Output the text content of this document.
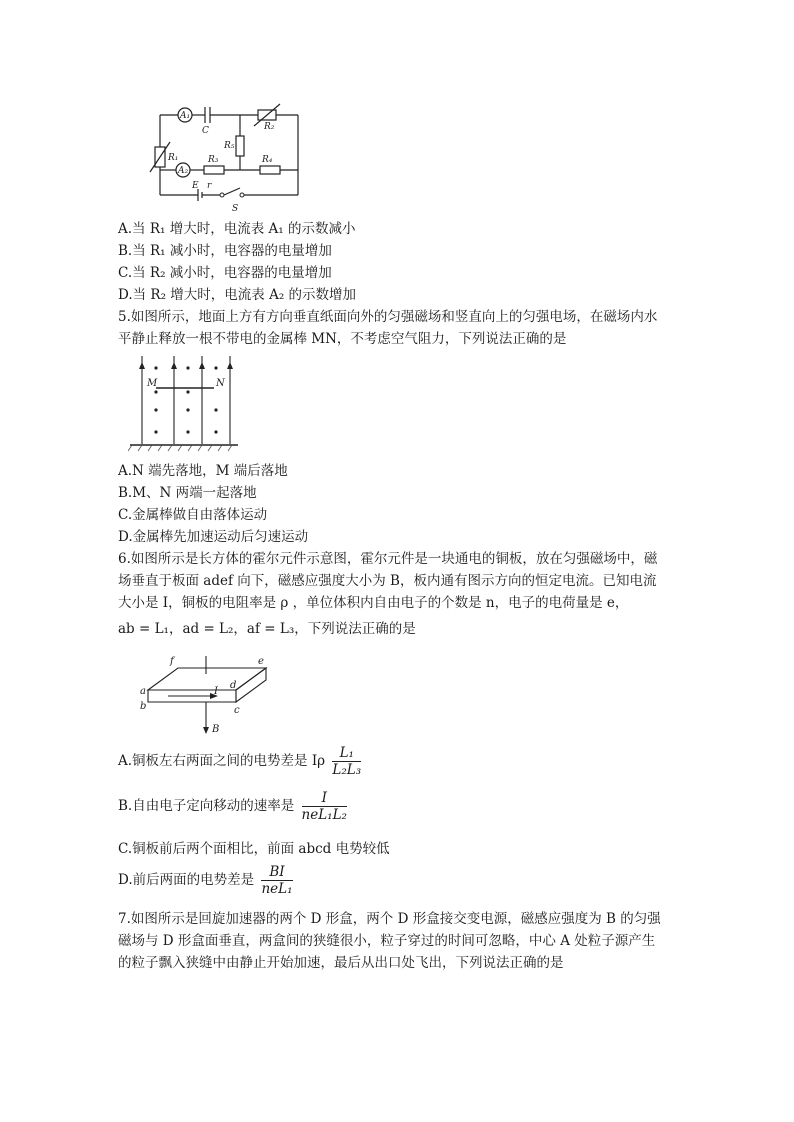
A₁
A₂
C
R₁
R₂
R₃	R₄
R₅
E r
S
A.当 R₁ 增大时，电流表 A₁ 的示数减小
B.当 R₁ 减小时，电容器的电量增加
C.当 R₂ 减小时，电容器的电量增加
D.当 R₂ 增大时，电流表 A₂ 的示数增加
5.如图所示，地面上方有方向垂直纸面向外的匀强磁场和竖直向上的匀强电场，在磁场内水
平静止释放一根不带电的金属棒 MN，不考虑空气阻力，下列说法正确的是
M	N
A.N 端先落地，M 端后落地
B.M、N 两端一起落地
C.金属棒做自由落体运动
D.金属棒先加速运动后匀速运动
6.如图所示是长方体的霍尔元件示意图，霍尔元件是一块通电的铜板，放在匀强磁场中，磁
场垂直于板面 adef 向下，磁感应强度大小为 B，板内通有图示方向的恒定电流。已知电流
大小是 I，铜板的电阻率是 ρ ，单位体积内自由电子的个数是 n，电子的电荷量是 e，
ab = L₁，ad = L₂，af = L₃，下列说法正确的是
f	e
a
d
b	c
I
B
A.铜板左右两面之间的电势差是 Iρ $\frac{\text{L₁}}{\text{L₂L₃}}$
B.自由电子定向移动的速率是 $\frac{I}{\text{neL₁L₂}}$
C.铜板前后两个面相比，前面 abcd 电势较低
D.前后两面的电势差是 $\frac{BI}{\text{neL₁}}$
7.如图所示是回旋加速器的两个 D 形盒，两个 D 形盒接交变电源，磁感应强度为 B 的匀强
磁场与 D 形盒面垂直，两盒间的狭缝很小，粒子穿过的时间可忽略，中心 A 处粒子源产生
的粒子飘入狭缝中由静止开始加速，最后从出口处飞出，下列说法正确的是
